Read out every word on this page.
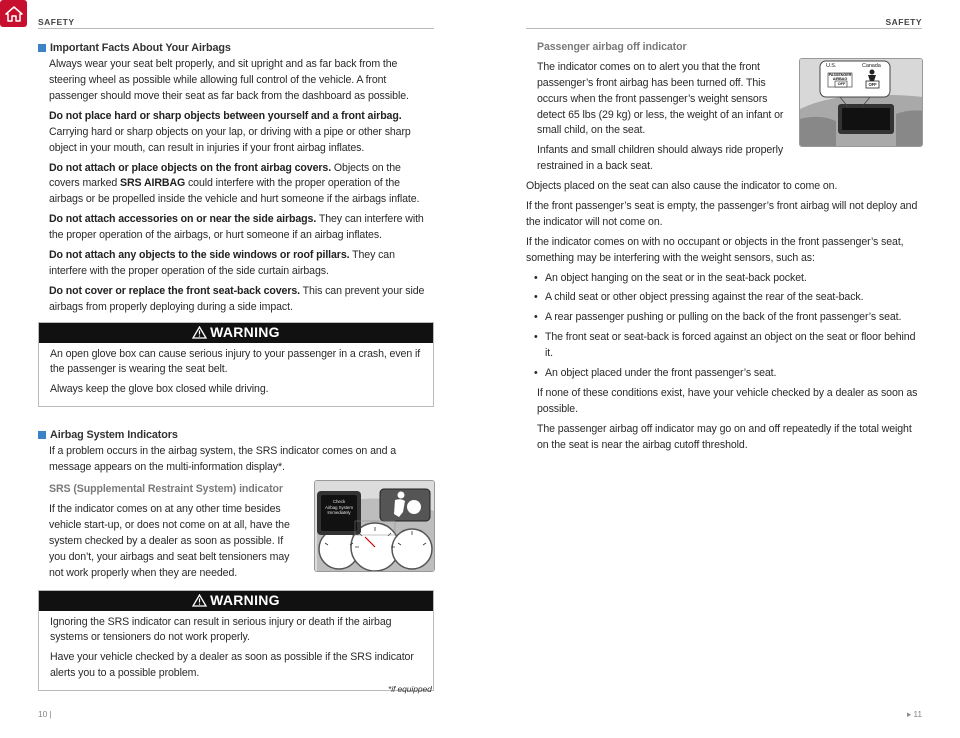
SAFETY	SAFETY
Important Facts About Your Airbags

Always wear your seat belt properly, and sit upright and as far back from the steering wheel as possible while allowing full control of the vehicle. A front passenger should move their seat as far back from the dashboard as possible.

Do not place hard or sharp objects between yourself and a front airbag. Carrying hard or sharp objects on your lap, or driving with a pipe or other sharp object in your mouth, can result in injuries if your front airbag inflates.

Do not attach or place objects on the front airbag covers. Objects on the covers marked SRS AIRBAG could interfere with the proper operation of the airbags or be propelled inside the vehicle and hurt someone if the airbags inflate.

Do not attach accessories on or near the side airbags. They can interfere with the proper operation of the airbags, or hurt someone if an airbag inflates.

Do not attach any objects to the side windows or roof pillars. They can interfere with the proper operation of the side curtain airbags.

Do not cover or replace the front seat-back covers. This can prevent your side airbags from properly deploying during a side impact.

WARNING

An open glove box can cause serious injury to your passenger in a crash, even if the passenger is wearing the seat belt.

Always keep the glove box closed while driving.

Airbag System Indicators

If a problem occurs in the airbag system, the SRS indicator comes on and a message appears on the multi-information display*.

SRS (Supplemental Restraint System) indicator

If the indicator comes on at any other time besides vehicle start-up, or does not come on at all, have the system checked by a dealer as soon as possible. If you don’t, your airbags and seat belt tensioners may not work properly when they are needed.

Check
Airbag System
Immediately
WARNING

Ignoring the SRS indicator can result in serious injury or death if the airbag systems or tensioners do not work properly.

Have your vehicle checked by a dealer as soon as possible if the SRS indicator alerts you to a possible problem.

*if equipped
10 |	▸ 11
Passenger airbag off indicator

The indicator comes on to alert you that the front passenger’s front airbag has been turned off. This occurs when the front passenger’s weight sensors detect 65 lbs (29 kg) or less, the weight of an infant or small child, on the seat.

Infants and small children should always ride properly restrained in a back seat.

U.S.	Canada
PASSENGER
AIRBAG
OFF	OFF

Objects placed on the seat can also cause the indicator to come on.

If the front passenger’s seat is empty, the passenger’s front airbag will not deploy and the indicator will not come on.

If the indicator comes on with no occupant or objects in the front passenger’s seat, something may be interfering with the weight sensors, such as:

• An object hanging on the seat or in the seat-back pocket.
• A child seat or other object pressing against the rear of the seat-back.
• A rear passenger pushing or pulling on the back of the front passenger’s seat.
• The front seat or seat-back is forced against an object on the seat or floor behind it.
• An object placed under the front passenger’s seat.

If none of these conditions exist, have your vehicle checked by a dealer as soon as possible.

The passenger airbag off indicator may go on and off repeatedly if the total weight on the seat is near the airbag cutoff threshold.
